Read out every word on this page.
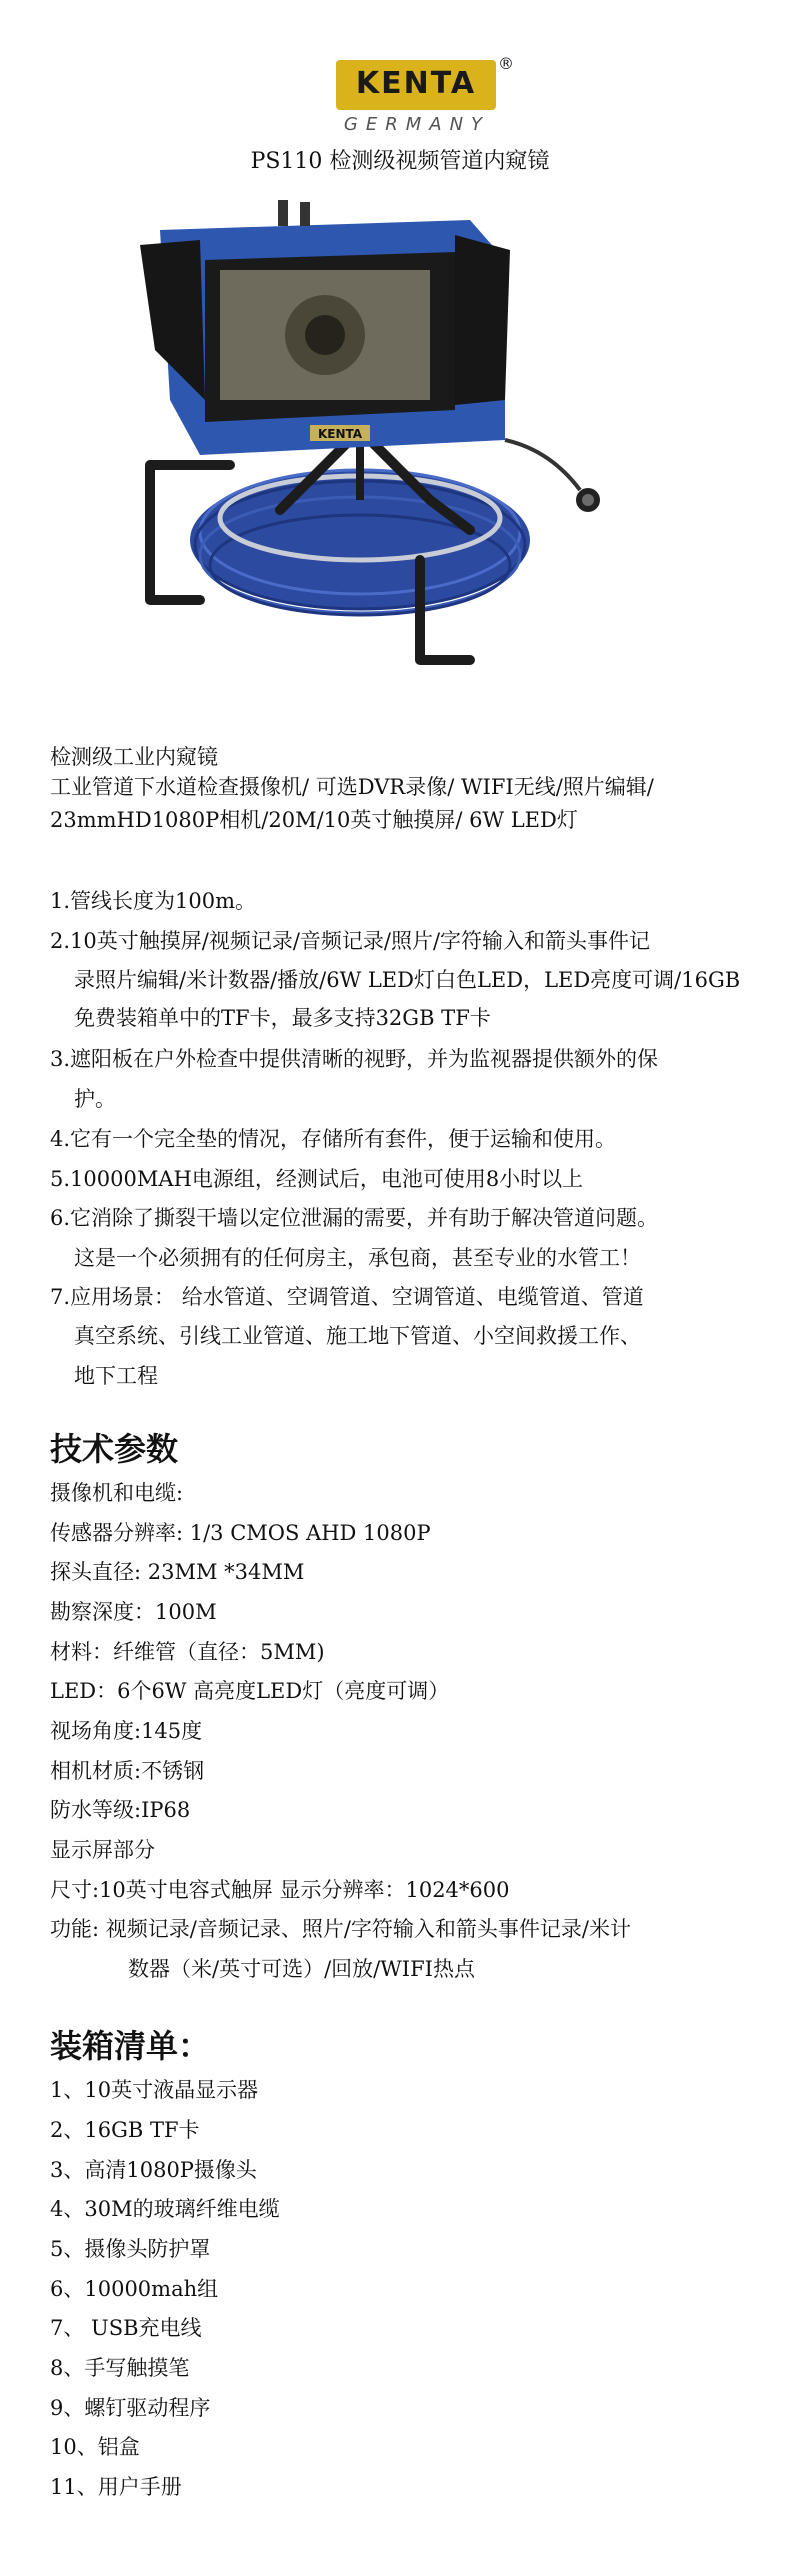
KENTA
®
GERMANY
PS110 检测级视频管道内窥镜
KENTA
检测级工业内窥镜
工业管道下水道检查摄像机/ 可选DVR录像/ WIFI无线/照片编辑/
23mmHD1080P相机/20M/10英寸触摸屏/ 6W LED灯
1.管线长度为100m。
2.10英寸触摸屏/视频记录/音频记录/照片/字符输入和箭头事件记
录照片编辑/米计数器/播放/6W LED灯白色LED，LED亮度可调/16GB
免费装箱单中的TF卡，最多支持32GB TF卡
3.遮阳板在户外检查中提供清晰的视野，并为监视器提供额外的保
护。
4.它有一个完全垫的情况，存储所有套件，便于运输和使用。
5.10000MAH电源组，经测试后，电池可使用8小时以上
6.它消除了撕裂干墙以定位泄漏的需要，并有助于解决管道问题。
这是一个必须拥有的任何房主，承包商，甚至专业的水管工！
7.应用场景： 给水管道、空调管道、空调管道、电缆管道、管道
真空系统、引线工业管道、施工地下管道、小空间救援工作、
地下工程
技术参数
摄像机和电缆:
传感器分辨率: 1/3 CMOS AHD 1080P
探头直径: 23MM *34MM
勘察深度：100M
材料：纤维管（直径：5MM)
LED：6个6W 高亮度LED灯（亮度可调）
视场角度:145度
相机材质:不锈钢
防水等级:IP68
显示屏部分
尺寸:10英寸电容式触屏 显示分辨率：1024*600
功能: 视频记录/音频记录、照片/字符输入和箭头事件记录/米计
数器（米/英寸可选）/回放/WIFI热点
装箱清单：
1、10英寸液晶显示器
2、16GB TF卡
3、高清1080P摄像头
4、30M的玻璃纤维电缆
5、摄像头防护罩
6、10000mah组
7、 USB充电线
8、手写触摸笔
9、螺钉驱动程序
10、铝盒
11、用户手册
